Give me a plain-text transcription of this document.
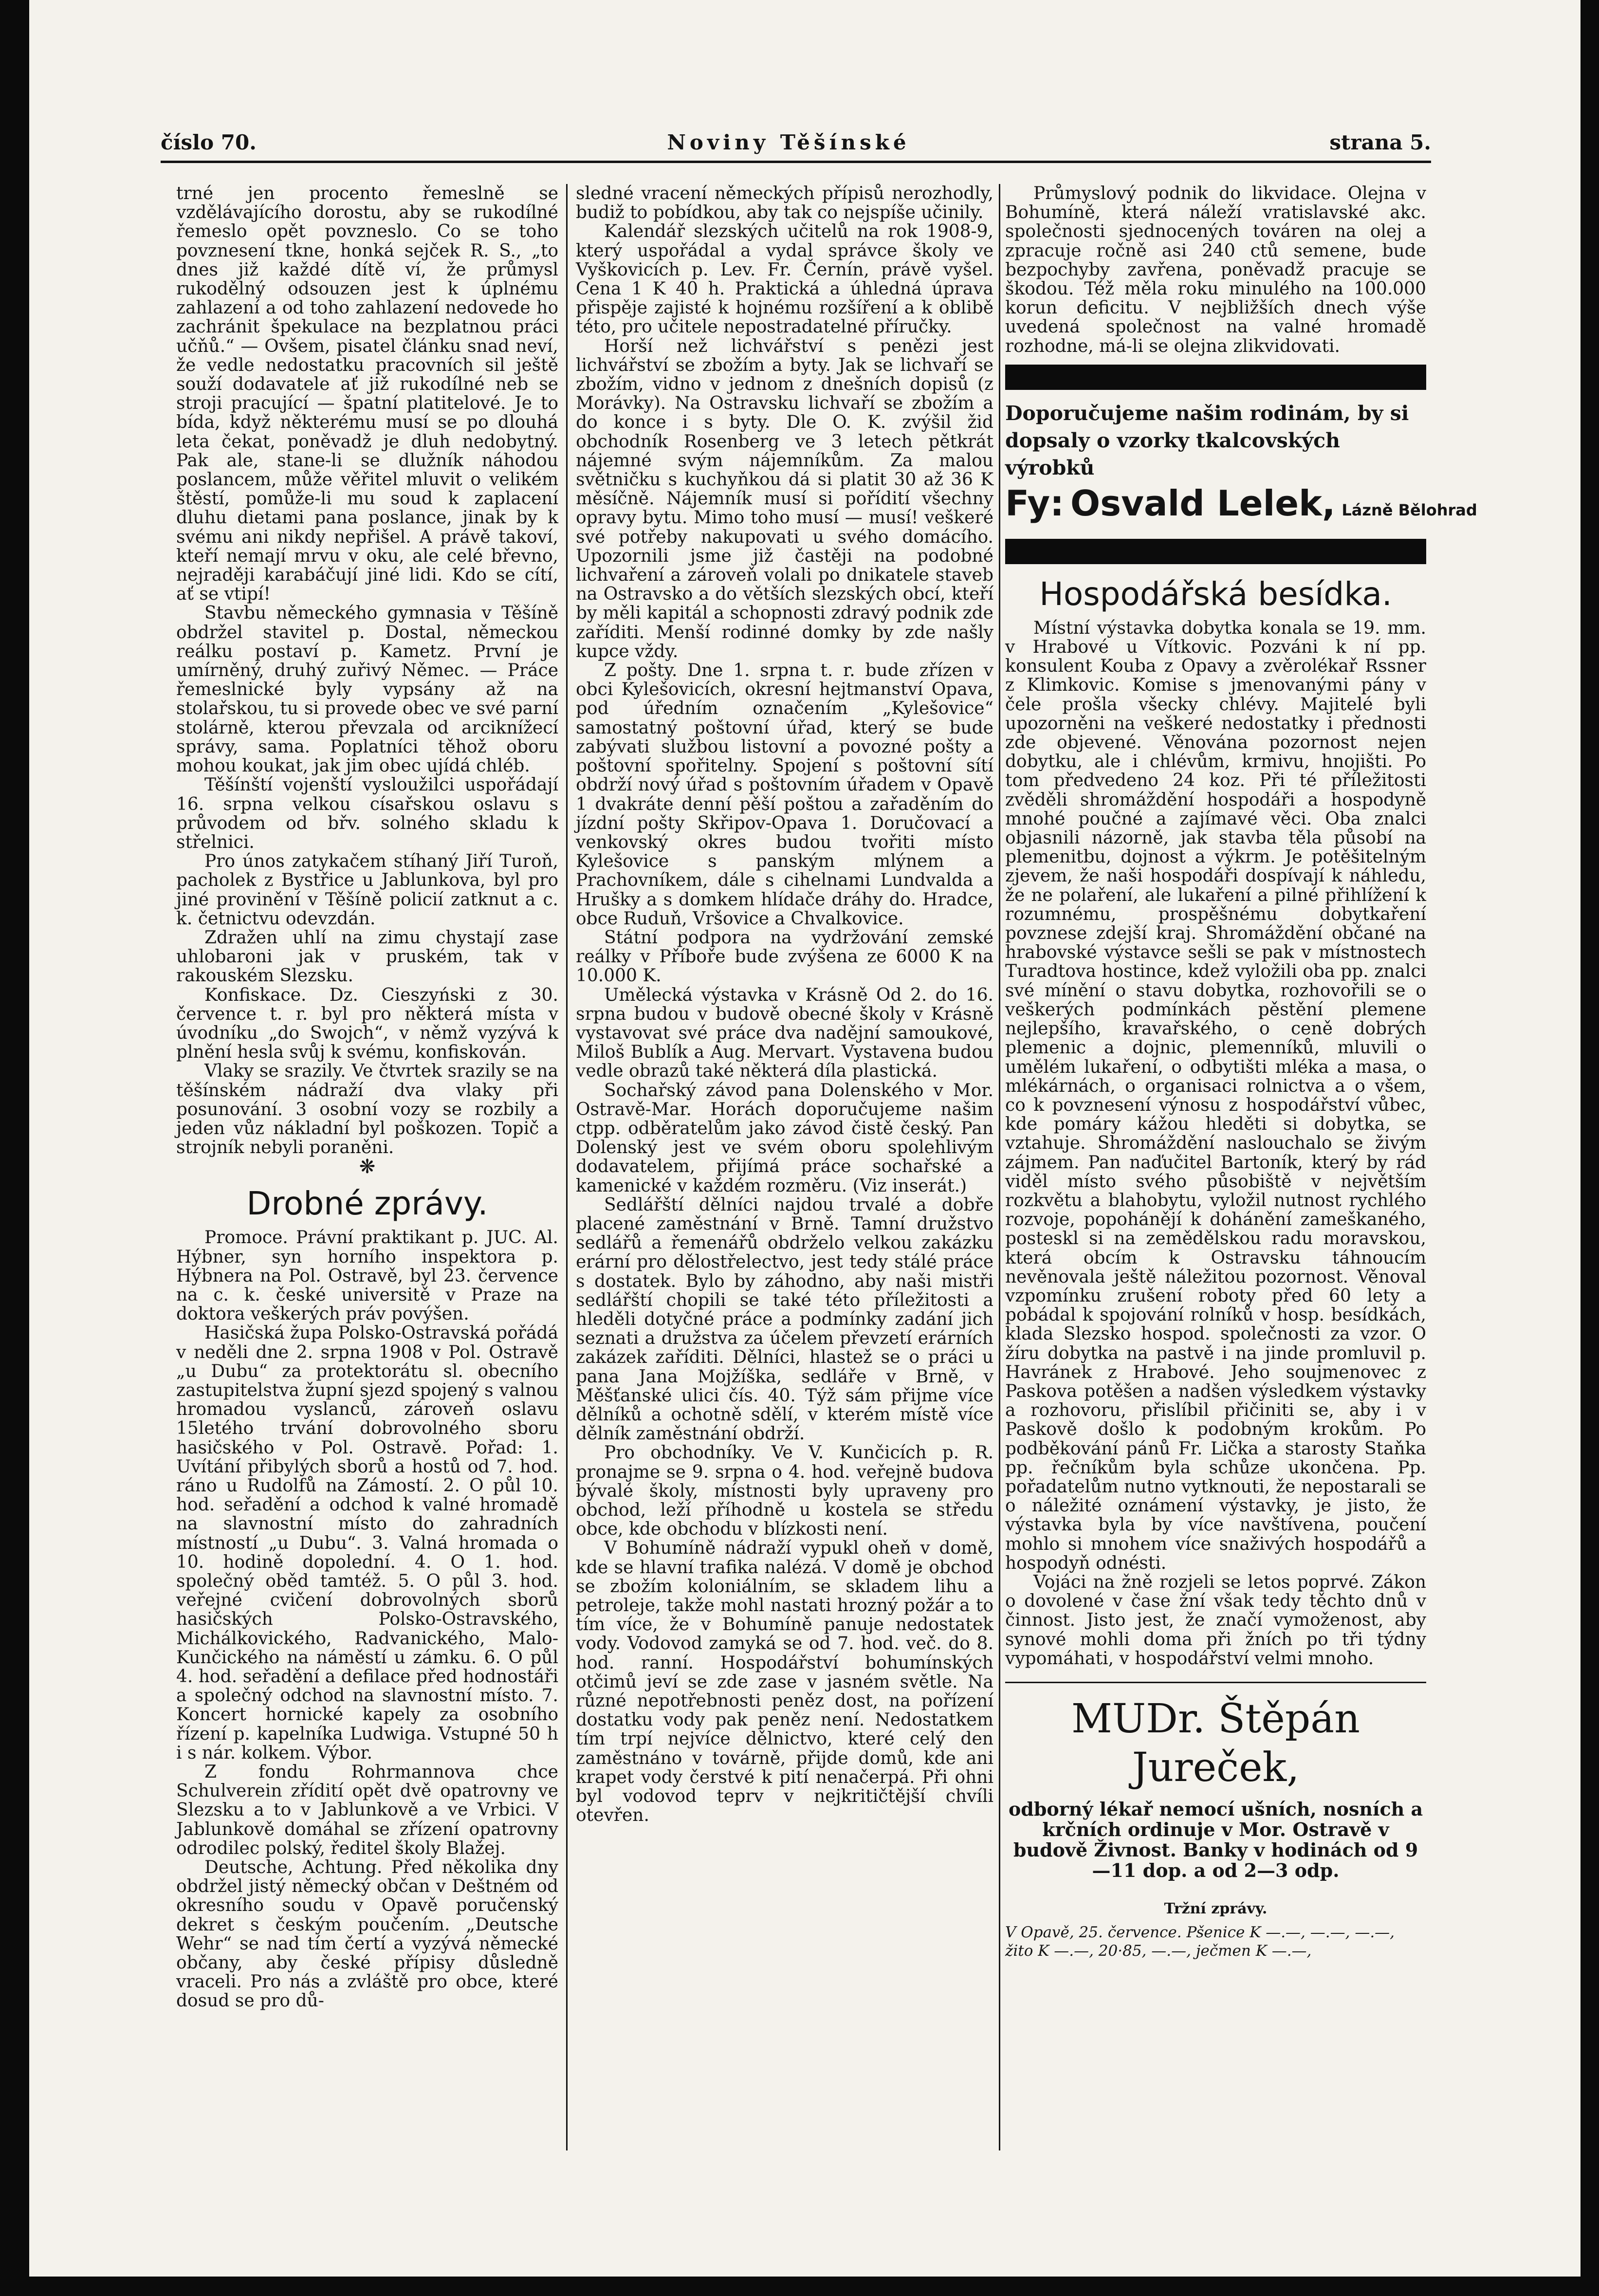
číslo 70.	Noviny Těšínské	strana 5.

trné jen procento řemeslně se vzdělávajícího dorostu, aby se rukodílné řemeslo opět povzneslo. Co se toho povznesení tkne, honká sejček R. S., „to dnes již každé dítě ví, že průmysl rukodělný odsouzen jest k úplnému zahlazení a od toho zahlazení nedovede ho zachránit špekulace na bezplatnou práci učňů.“ — Ovšem, pisatel článku snad neví, že vedle nedostatku pracovních sil ještě souží dodavatele ať již rukodílné neb se stroji pracující — špatní platitelové. Je to bída, když některému musí se po dlouhá leta čekat, poněvadž je dluh nedobytný. Pak ale, stane-li se dlužník náhodou poslancem, může věřitel mluvit o velikém štěstí, pomůže-li mu soud k zaplacení dluhu dietami pana poslance, jinak by k svému ani nikdy nepřišel. A právě takoví, kteří nemají mrvu v oku, ale celé břevno, nejraději karabáčují jiné lidi. Kdo se cítí, ať se vtipí!

Stavbu německého gymnasia v Těšíně obdržel stavitel p. Dostal, německou reálku postaví p. Kametz. První je umírněný, druhý zuřivý Němec. — Práce řemeslnické byly vypsány až na stolařskou, tu si provede obec ve své parní stolárně, kterou převzala od arciknížecí správy, sama. Poplatníci těhož oboru mohou koukat, jak jim obec ujídá chléb.

Těšínští vojenští vysloužilci uspořádají 16. srpna velkou císařskou oslavu s průvodem od břv. solného skladu k střelnici.

Pro únos zatykačem stíhaný Jiří Turoň, pacholek z Bystřice u Jablunkova, byl pro jiné provinění v Těšíně policií zatknut a c. k. četnictvu odevzdán.

Zdražen uhlí na zimu chystají zase uhlobaroni jak v pruském, tak v rakouském Slezsku.

Konfiskace. Dz. Cieszyński z 30. července t. r. byl pro některá místa v úvodníku „do Swojch“, v němž vyzývá k plnění hesla svůj k svému, konfiskován.

Vlaky se srazily. Ve čtvrtek srazily se na těšínském nádraží dva vlaky při posunování. 3 osobní vozy se rozbily a jeden vůz nákladní byl poškozen. Topič a strojník nebyli poraněni.

❋
Drobné zprávy.

Promoce. Právní praktikant p. JUC. Al. Hýbner, syn horního inspektora p. Hýbnera na Pol. Ostravě, byl 23. července na c. k. české universitě v Praze na doktora veškerých práv povýšen.

Hasičská župa Polsko-Ostravská pořádá v neděli dne 2. srpna 1908 v Pol. Ostravě „u Dubu“ za protektorátu sl. obecního zastupitelstva župní sjezd spojený s valnou hromadou vyslanců, zároveň oslavu 15letého trvání dobrovolného sboru hasičského v Pol. Ostravě. Pořad: 1. Uvítání přibylých sborů a hostů od 7. hod. ráno u Rudolfů na Zámostí. 2. O půl 10. hod. seřadění a odchod k valné hromadě na slavnostní místo do zahradních místností „u Dubu“. 3. Valná hromada o 10. hodině dopolední. 4. O 1. hod. společný oběd tamtéž. 5. O půl 3. hod. veřejné cvičení dobrovolných sborů hasičských Polsko-Ostravského, Michálkovického, Radvanického, Malo-Kunčického na náměstí u zámku. 6. O půl 4. hod. seřadění a defilace před hodnostáři a společný odchod na slavnostní místo. 7. Koncert hornické kapely za osobního řízení p. kapelníka Ludwiga. Vstupné 50 h i s nár. kolkem. Výbor.

Z fondu Rohrmannova chce Schulverein zřídití opět dvě opatrovny ve Slezsku a to v Jablunkově a ve Vrbici. V Jablunkově domáhal se zřízení opatrovny odrodilec polský, ředitel školy Blažej.

Deutsche, Achtung. Před několika dny obdržel jistý německý občan v Deštném od okresního soudu v Opavě poručenský dekret s českým poučením. „Deutsche Wehr“ se nad tím čertí a vyzývá německé občany, aby české přípisy důsledně vraceli. Pro nás a zvláště pro obce, které dosud se pro dů-

sledné vracení německých přípisů nerozhodly, budiž to pobídkou, aby tak co nejspíše učinily.

Kalendář slezských učitelů na rok 1908-9, který uspořádal a vydal správce školy ve Vyškovicích p. Lev. Fr. Černín, právě vyšel. Cena 1 K 40 h. Praktická a úhledná úprava přispěje zajisté k hojnému rozšíření a k oblibě této, pro učitele nepostradatelné příručky.

Horší než lichvářství s penězi jest lichvářství se zbožím a byty. Jak se lichvaří se zbožím, vidno v jednom z dnešních dopisů (z Morávky). Na Ostravsku lichvaří se zbožím a do konce i s byty. Dle O. K. zvýšil žid obchodník Rosenberg ve 3 letech pětkrát nájemné svým nájemníkům. Za malou světničku s kuchyňkou dá si platit 30 až 36 K měsíčně. Nájemník musí si pořídití všechny opravy bytu. Mimo toho musí — musí! veškeré své potřeby nakupovati u svého domácího. Upozornili jsme již častěji na podobné lichvaření a zároveň volali po dnikatele staveb na Ostravsko a do větších slezských obcí, kteří by měli kapitál a schopnosti zdravý podnik zde zaříditi. Menší rodinné domky by zde našly kupce vždy.

Z pošty. Dne 1. srpna t. r. bude zřízen v obci Kylešovicích, okresní hejtmanství Opava, pod úředním označením „Kylešovice“ samostatný poštovní úřad, který se bude zabývati službou listovní a povozné pošty a poštovní spořitelny. Spojení s poštovní sítí obdrží nový úřad s poštovním úřadem v Opavě 1 dvakráte denní pěší poštou a zařaděním do jízdní pošty Skřipov-Opava 1. Doručovací a venkovský okres budou tvořiti místo Kylešovice s panským mlýnem a Prachovníkem, dále s cihelnami Lundvalda a Hrušky a s domkem hlídače dráhy do. Hradce, obce Ruduň, Vršovice a Chvalkovice.

Státní podpora na vydržování zemské reálky v Příboře bude zvýšena ze 6000 K na 10.000 K.

Umělecká výstavka v Krásně Od 2. do 16. srpna budou v budově obecné školy v Krásně vystavovat své práce dva nadějní samoukové, Miloš Bublík a Aug. Mervart. Vystavena budou vedle obrazů také některá díla plastická.

Sochařský závod pana Dolenského v Mor. Ostravě-Mar. Horách doporučujeme našim ctpp. odběratelům jako závod čistě český. Pan Dolenský jest ve svém oboru spolehlivým dodavatelem, přijímá práce sochařské a kamenické v každém rozměru. (Viz inserát.)

Sedlářští dělníci najdou trvalé a dobře placené zaměstnání v Brně. Tamní družstvo sedlářů a řemenářů obdrželo velkou zakázku erární pro dělostřelectvo, jest tedy stálé práce s dostatek. Bylo by záhodno, aby naši mistři sedlářští chopili se také této příležitosti a hleděli dotyčné práce a podmínky zadání jich seznati a družstva za účelem převzetí erárních zakázek zaříditi. Dělníci, hlastež se o práci u pana Jana Mojžíška, sedláře v Brně, v Měšťanské ulici čís. 40. Týž sám přijme více dělníků a ochotně sdělí, v kterém místě více dělník zaměstnání obdrží.

Pro obchodníky. Ve V. Kunčicích p. R. pronajme se 9. srpna o 4. hod. veřejně budova bývalé školy, místnosti byly upraveny pro obchod, leží příhodně u kostela se středu obce, kde obchodu v blízkosti není.

V Bohumíně nádraží vypukl oheň v domě, kde se hlavní trafika nalézá. V domě je obchod se zbožím koloniálním, se skladem lihu a petroleje, takže mohl nastati hrozný požár a to tím více, že v Bohumíně panuje nedostatek vody. Vodovod zamyká se od 7. hod. več. do 8. hod. ranní. Hospodářství bohumínských otčimů jeví se zde zase v jasném světle. Na různé nepotřebnosti peněz dost, na pořízení dostatku vody pak peněz není. Nedostatkem tím trpí nejvíce dělnictvo, které celý den zaměstnáno v továrně, přijde domů, kde ani krapet vody čerstvé k pití nenačerpá. Při ohni byl vodovod teprv v nejkritičtější chvíli otevřen.

Průmyslový podnik do likvidace. Olejna v Bohumíně, která náleží vratislavské akc. společnosti sjednocených továren na olej a zpracuje ročně asi 240 ctů semene, bude bezpochyby zavřena, poněvadž pracuje se škodou. Též měla roku minulého na 100.000 korun deficitu. V nejbližších dnech výše uvedená společnost na valné hromadě rozhodne, má-li se olejna zlikvidovati.

Doporučujeme našim rodinám, by si dopsaly o vzorky tkalcovských výrobků
Fy: Osvald Lelek, Lázně Bělohrad
Hospodářská besídka.

Místní výstavka dobytka konala se 19. mm. v Hrabové u Vítkovic. Pozváni k ní pp. konsulent Kouba z Opavy a zvěrolékař Rssner z Klimkovic. Komise s jmenovanými pány v čele prošla všecky chlévy. Majitelé byli upozorněni na veškeré nedostatky i přednosti zde objevené. Věnována pozornost nejen dobytku, ale i chlévům, krmivu, hnojišti. Po tom předvedeno 24 koz. Při té příležitosti zvěděli shromáždění hospodáři a hospodyně mnohé poučné a zajímavé věci. Oba znalci objasnili názorně, jak stavba těla působí na plemenitbu, dojnost a výkrm. Je potěšitelným zjevem, že naši hospodáři dospívají k náhledu, že ne polaření, ale lukaření a pilné přihlížení k rozumnému, prospěšnému dobytkaření povznese zdejší kraj. Shromáždění občané na hrabovské výstavce sešli se pak v místnostech Turadtova hostince, kdež vyložili oba pp. znalci své mínění o stavu dobytka, rozhovořili se o veškerých podmínkách pěstění plemene nejlepšího, kravařského, o ceně dobrých plemenic a dojnic, plemenníků, mluvili o umělém lukaření, o odbytišti mléka a masa, o mlékárnách, o organisaci rolnictva a o všem, co k povznesení výnosu z hospodářství vůbec, kde pomáry kážou hleděti si dobytka, se vztahuje. Shromáždění naslouchalo se živým zájmem. Pan naďučitel Bartoník, který by rád viděl místo svého působiště v největším rozkvětu a blahobytu, vyložil nutnost rychlého rozvoje, popohánějí k dohánění zameškaného, posteskl si na zemědělskou radu moravskou, která obcím k Ostravsku táhnoucím nevěnovala ještě náležitou pozornost. Věnoval vzpomínku zrušení roboty před 60 lety a pobádal k spojování rolníků v hosp. besídkách, klada Slezsko hospod. společnosti za vzor. O žíru dobytka na pastvě i na jinde promluvil p. Havránek z Hrabové. Jeho soujmenovec z Paskova potěšen a nadšen výsledkem výstavky a rozhovoru, přislíbil přičiniti se, aby i v Paskově došlo k podobným krokům. Po podběkování pánů Fr. Lička a starosty Staňka pp. řečníkům byla schůze ukončena. Pp. pořadatelům nutno vytknouti, že nepostarali se o náležité oznámení výstavky, je jisto, že výstavka byla by více navštívena, poučení mohlo si mnohem více snaživých hospodářů a hospodyň odnésti.

Vojáci na žně rozjeli se letos poprvé. Zákon o dovolené v čase žní však tedy těchto dnů v činnost. Jisto jest, že značí vymoženost, aby synové mohli doma při žních po tři týdny vypomáhati, v hospodářství velmi mnoho.

MUDr. Štěpán Jureček,
odborný lékař nemocí ušních, nosních a krčních ordinuje v Mor. Ostravě v budově Živnost. Banky v hodinách od 9—11 dop. a od 2—3 odp.
Tržní zprávy.
V Opavě, 25. července. Pšenice K —.—, —.—, —.—, žito K —.—, 20·85, —.—, ječmen K —.—,
